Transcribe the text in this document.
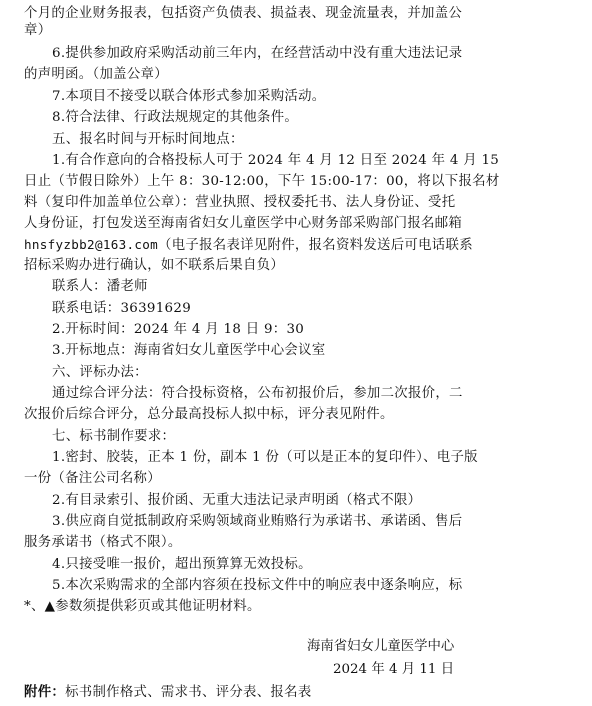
个月的企业财务报表，包括资产负债表、损益表、现金流量表，并加盖公
章）
6.提供参加政府采购活动前三年内，在经营活动中没有重大违法记录
的声明函。（加盖公章）
7.本项目不接受以联合体形式参加采购活动。
8.符合法律、行政法规规定的其他条件。
五、报名时间与开标时间地点：
1.有合作意向的合格投标人可于 2024 年 4 月 12 日至 2024 年 4 月 15
日止（节假日除外）上午 8：30-12:00，下午 15:00-17：00，将以下报名材
料（复印件加盖单位公章）：营业执照、授权委托书、法人身份证、受托
人身份证，打包发送至海南省妇女儿童医学中心财务部采购部门报名邮箱
hnsfyzbb2@163.com（电子报名表详见附件，报名资料发送后可电话联系
招标采购办进行确认，如不联系后果自负）
联系人：潘老师
联系电话：36391629
2.开标时间：2024 年 4 月 18 日 9：30
3.开标地点：海南省妇女儿童医学中心会议室
六、评标办法：
通过综合评分法：符合投标资格，公布初报价后，参加二次报价，二
次报价后综合评分，总分最高投标人拟中标，评分表见附件。
七、标书制作要求：
1.密封、胶装，正本 1 份，副本 1 份（可以是正本的复印件）、电子版
一份（备注公司名称）
2.有目录索引、报价函、无重大违法记录声明函（格式不限）
3.供应商自觉抵制政府采购领域商业贿赂行为承诺书、承诺函、售后
服务承诺书（格式不限）。
4.只接受唯一报价，超出预算算无效投标。
5.本次采购需求的全部内容须在投标文件中的响应表中逐条响应，标
*、▲参数须提供彩页或其他证明材料。
海南省妇女儿童医学中心
2024 年 4 月 11 日
附件：标书制作格式、需求书、评分表、报名表
